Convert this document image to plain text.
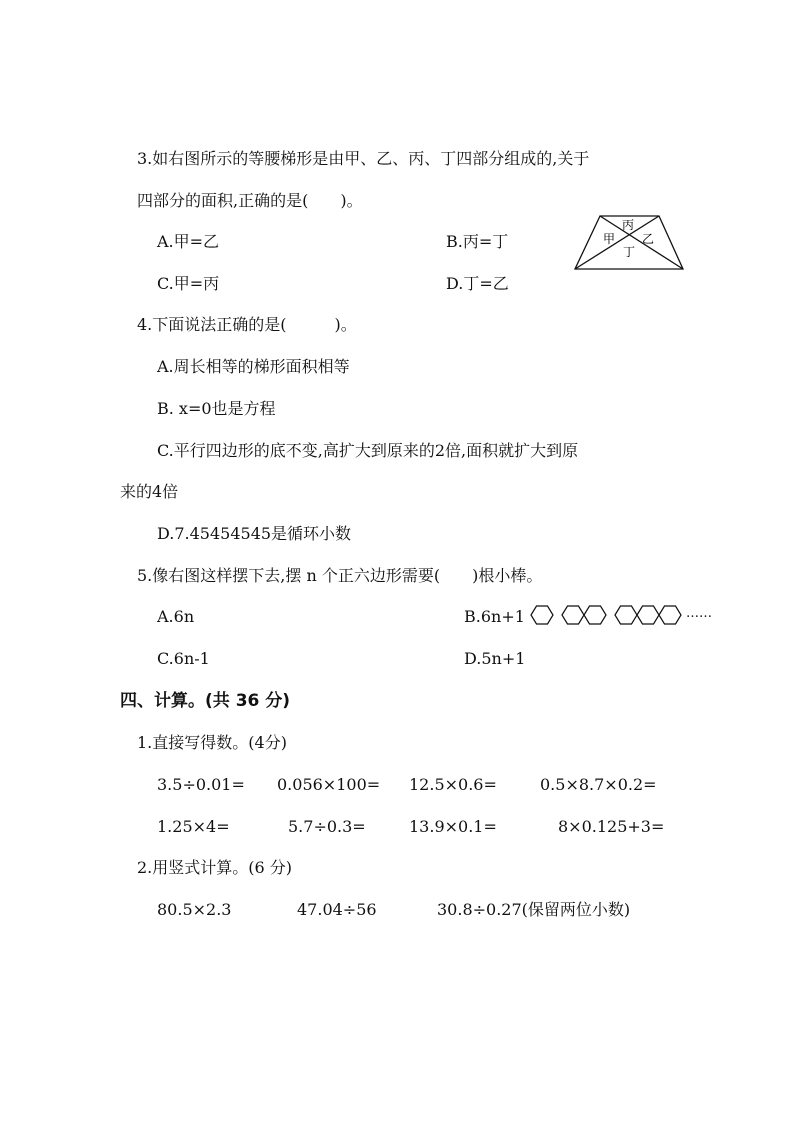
3.如右图所示的等腰梯形是由甲、乙、丙、丁四部分组成的,关于
四部分的面积,正确的是(　　)。
A.甲=乙	B.丙=丁
C.甲=丙	D.丁=乙
丙
甲 乙
丁
4.下面说法正确的是(　　　)。
A.周长相等的梯形面积相等
B. x=0也是方程
C.平行四边形的底不变,高扩大到原来的2倍,面积就扩大到原
来的4倍
D.7.45454545是循环小数
5.像右图这样摆下去,摆 n 个正六边形需要(　　)根小棒。
A.6n	B.6n+1
C.6n-1	D.5n+1
……
四、计算。(共 36 分)
1.直接写得数。(4分)
3.5÷0.01= 0.056×100= 12.5×0.6=	0.5×8.7×0.2=
1.25×4=	5.7÷0.3=	13.9×0.1=	8×0.125+3=
2.用竖式计算。(6 分)
80.5×2.3	47.04÷56	30.8÷0.27(保留两位小数)
